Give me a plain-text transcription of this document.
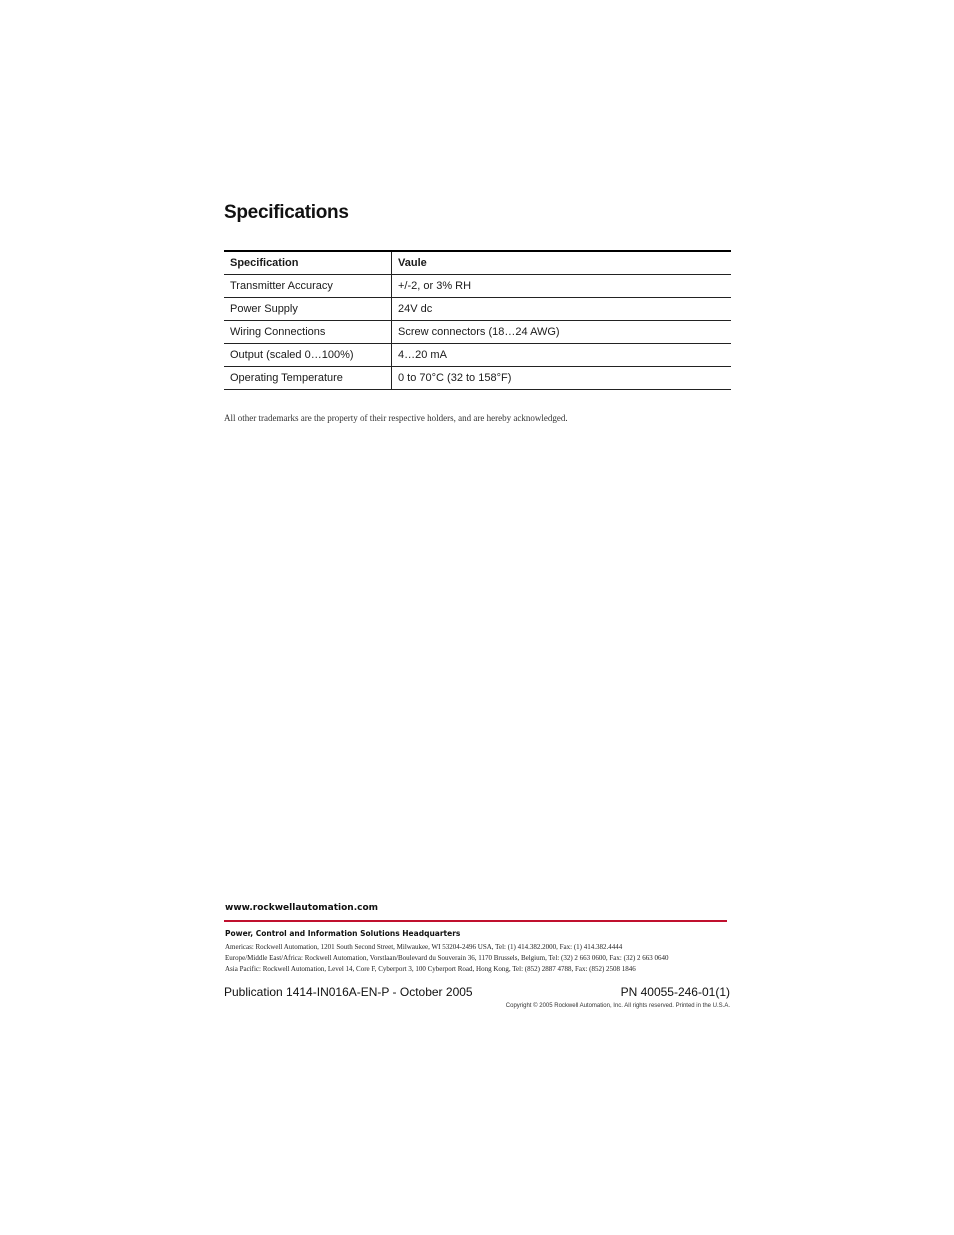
Specifications
Specification	Vaule
Transmitter Accuracy	+/-2, or 3% RH
Power Supply	24V dc
Wiring Connections	Screw connectors (18…24 AWG)
Output (scaled 0…100%)	4…20 mA
Operating Temperature	0 to 70°C (32 to 158°F)
All other trademarks are the property of their respective holders, and are hereby acknowledged.
www.rockwellautomation.com
Power, Control and Information Solutions Headquarters
Americas: Rockwell Automation, 1201 South Second Street, Milwaukee, WI 53204-2496 USA, Tel: (1) 414.382.2000, Fax: (1) 414.382.4444
Europe/Middle East/Africa: Rockwell Automation, Vorstlaan/Boulevard du Souverain 36, 1170 Brussels, Belgium, Tel: (32) 2 663 0600, Fax: (32) 2 663 0640
Asia Pacific: Rockwell Automation, Level 14, Core F, Cyberport 3, 100 Cyberport Road, Hong Kong, Tel: (852) 2887 4788, Fax: (852) 2508 1846
Publication 1414-IN016A-EN-P - October 2005	PN 40055-246-01(1)
Copyright © 2005 Rockwell Automation, Inc. All rights reserved. Printed in the U.S.A.
